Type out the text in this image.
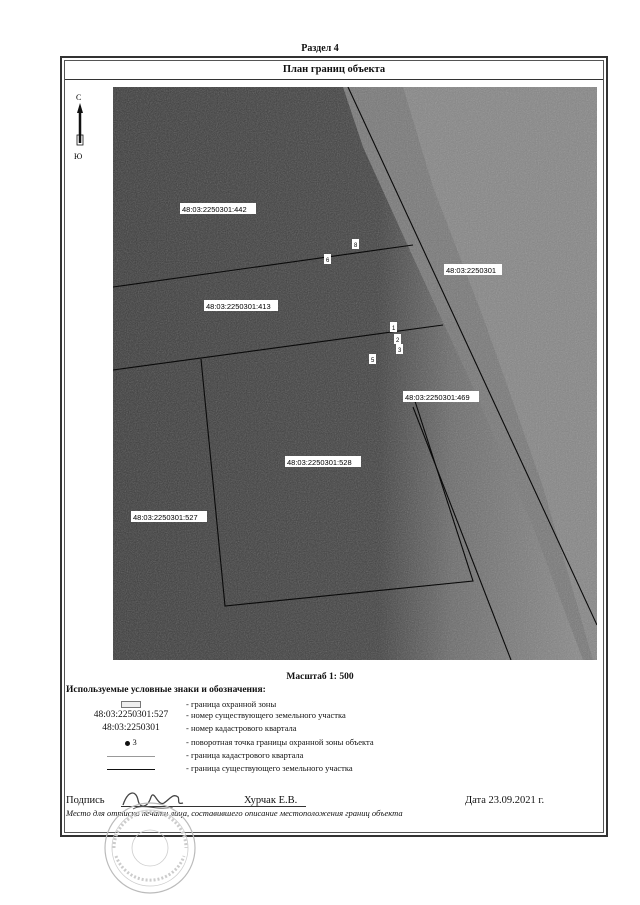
Раздел 4
План границ объекта
С
Ю
8
6
1
2
3
5
48:03:2250301:442
48:03:2250301
48:03:2250301:413
48:03:2250301:469
48:03:2250301:528
48:03:2250301:527
Масштаб 1: 500
Используемые условные знаки и обозначения:
- граница охранной зоны
48:03:2250301:527	- номер существующего земельного участка
48:03:2250301	- номер кадастрового квартала
3	- поворотная точка границы охранной зоны объекта
- граница кадастрового квартала
- граница существующего земельного участка
Подпись	Хурчак Е.В.	Дата 23.09.2021 г.
Место для оттиска печати лица, составившего описание местоположения границ объекта
